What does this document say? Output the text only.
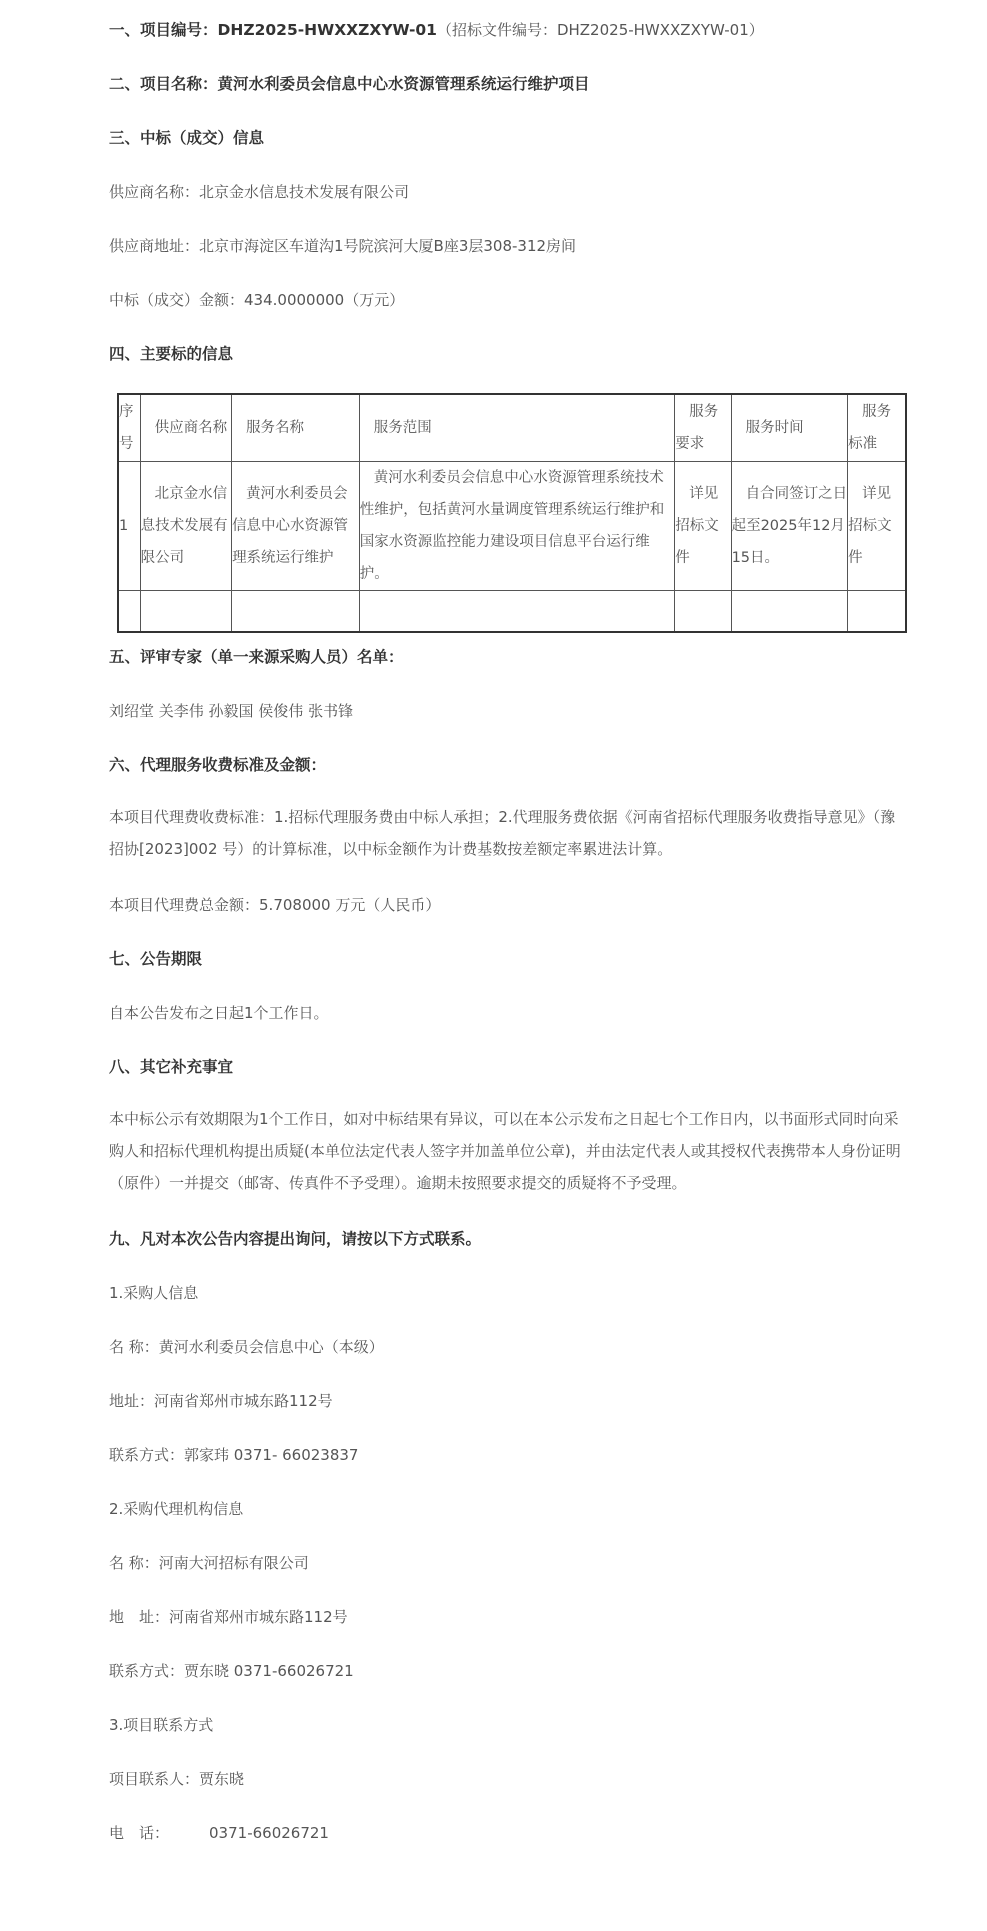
一、项目编号：DHZ2025-HWXXZXYW-01（招标文件编号：DHZ2025-HWXXZXYW-01）
二、项目名称：黄河水利委员会信息中心水资源管理系统运行维护项目
三、中标（成交）信息
供应商名称：北京金水信息技术发展有限公司
供应商地址：北京市海淀区车道沟1号院滨河大厦B座3层308-312房间
中标（成交）金额：434.0000000（万元）
四、主要标的信息
序号	供应商名称	服务名称	服务范围	服务要求	服务时间	服务标准
1	北京金水信息技术发展有限公司	黄河水利委员会信息中心水资源管理系统运行维护	黄河水利委员会信息中心水资源管理系统技术性维护，包括黄河水量调度管理系统运行维护和国家水资源监控能力建设项目信息平台运行维护。	详见招标文件	自合同签订之日起至2025年12月15日。	详见招标文件

五、评审专家（单一来源采购人员）名单：
刘绍堂 关李伟 孙毅国 侯俊伟 张书锋
六、代理服务收费标准及金额：
本项目代理费收费标准：1.招标代理服务费由中标人承担；2.代理服务费依据《河南省招标代理服务收费指导意见》（豫招协[2023]002 号）的计算标准，以中标金额作为计费基数按差额定率累进法计算。
本项目代理费总金额：5.708000 万元（人民币）
七、公告期限
自本公告发布之日起1个工作日。
八、其它补充事宜
本中标公示有效期限为1个工作日，如对中标结果有异议，可以在本公示发布之日起七个工作日内，以书面形式同时向采购人和招标代理机构提出质疑(本单位法定代表人签字并加盖单位公章)，并由法定代表人或其授权代表携带本人身份证明（原件）一并提交（邮寄、传真件不予受理）。逾期未按照要求提交的质疑将不予受理。
九、凡对本次公告内容提出询问，请按以下方式联系。
1.采购人信息
名 称：黄河水利委员会信息中心（本级）
地址：河南省郑州市城东路112号
联系方式：郭家玮 0371- 66023837
2.采购代理机构信息
名 称：河南大河招标有限公司
地　址：河南省郑州市城东路112号
联系方式：贾东晓 0371-66026721
3.项目联系方式
项目联系人：贾东晓
电　话：	0371-66026721
